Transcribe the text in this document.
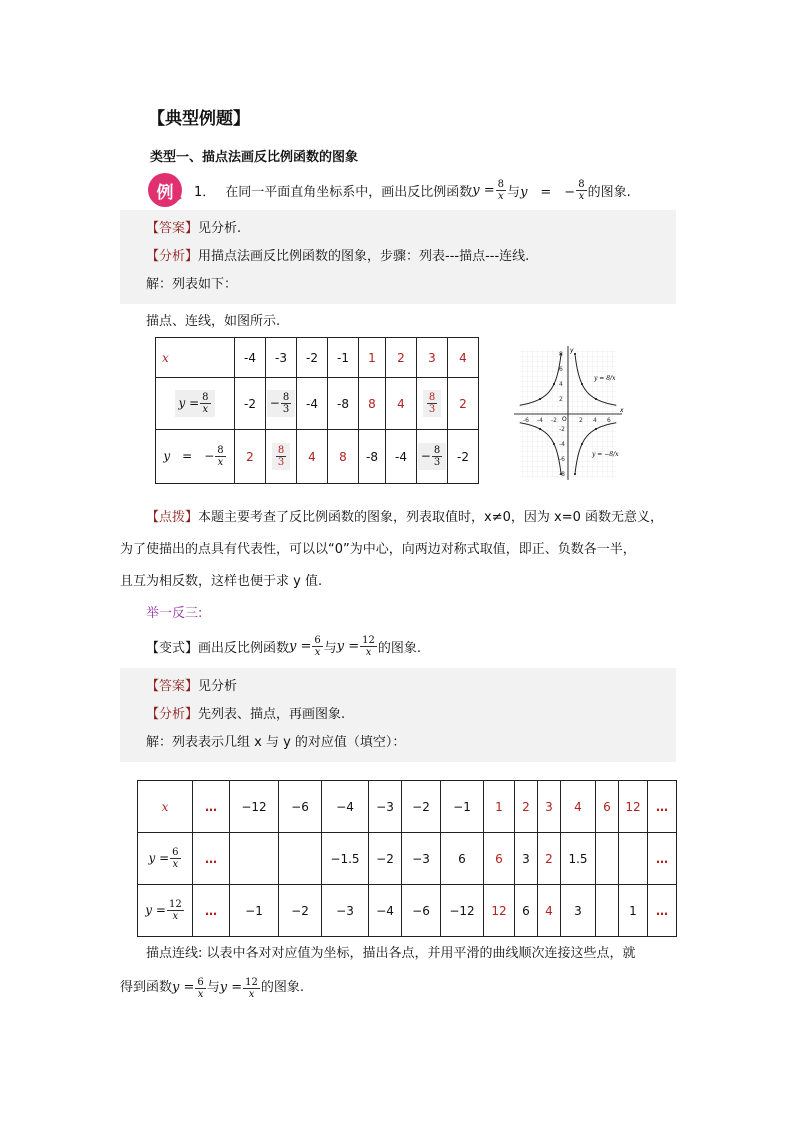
【典型例题】
类型一、描点法画反比例函数的图象
例	1． 在同一平面直角坐标系中，画出反比例函数 $y = \frac{8}{x}$ 与 y　=　− $\frac{8}{x}$ 的图象.
【答案】 见分析.
【分析】 用描点法画反比例函数的图象，步骤：列表---描点---连线.
解：列表如下：
描点、连线，如图所示.
x	-4	-3	-2	-1	1	2	3	4
$y = \frac{8}{x}$	-2	− $\frac{8}{3}$	-4	-8	8	4	$\frac{8}{3}$	2
y　=　− $\frac{8}{x}$	2	$\frac{8}{3}$	4	8	-8	-4	− $\frac{8}{3}$	-2
-6 -4 -2	2 4 6
8
6
4
2
-2
-4
-6
-8
y = 8/x
y = −8/x
x
y
O
【点拨】本题主要考查了反比例函数的图象，列表取值时，x≠0，因为 x=0 函数无意义，
为了使描出的点具有代表性，可以以“0”为中心，向两边对称式取值，即正、负数各一半，
且互为相反数，这样也便于求 y 值.
举一反三:
【变式】 画出反比例函数 $y = \frac{6}{x}$ 与 $y = \frac{12}{x}$ 的图象.
【答案】 见分析
【分析】 先列表、描点，再画图象.
解：列表表示几组 x 与 y 的对应值（填空）：
x	…	−12	−6	−4	−3	−2	−1	1	2	3	4	6	12	…
$y = \frac{6}{x}$	…			−1.5	−2	−3	6	6	3	2	1.5			…
$y = \frac{12}{x}$	…	−1	−2	−3	−4	−6	−12	12	6	4	3		1	…
描点连线: 以表中各对对应值为坐标，描出各点，并用平滑的曲线顺次连接这些点，就
得到函数 $y = \frac{6}{x}$ 与 $y = \frac{12}{x}$ 的图象.
